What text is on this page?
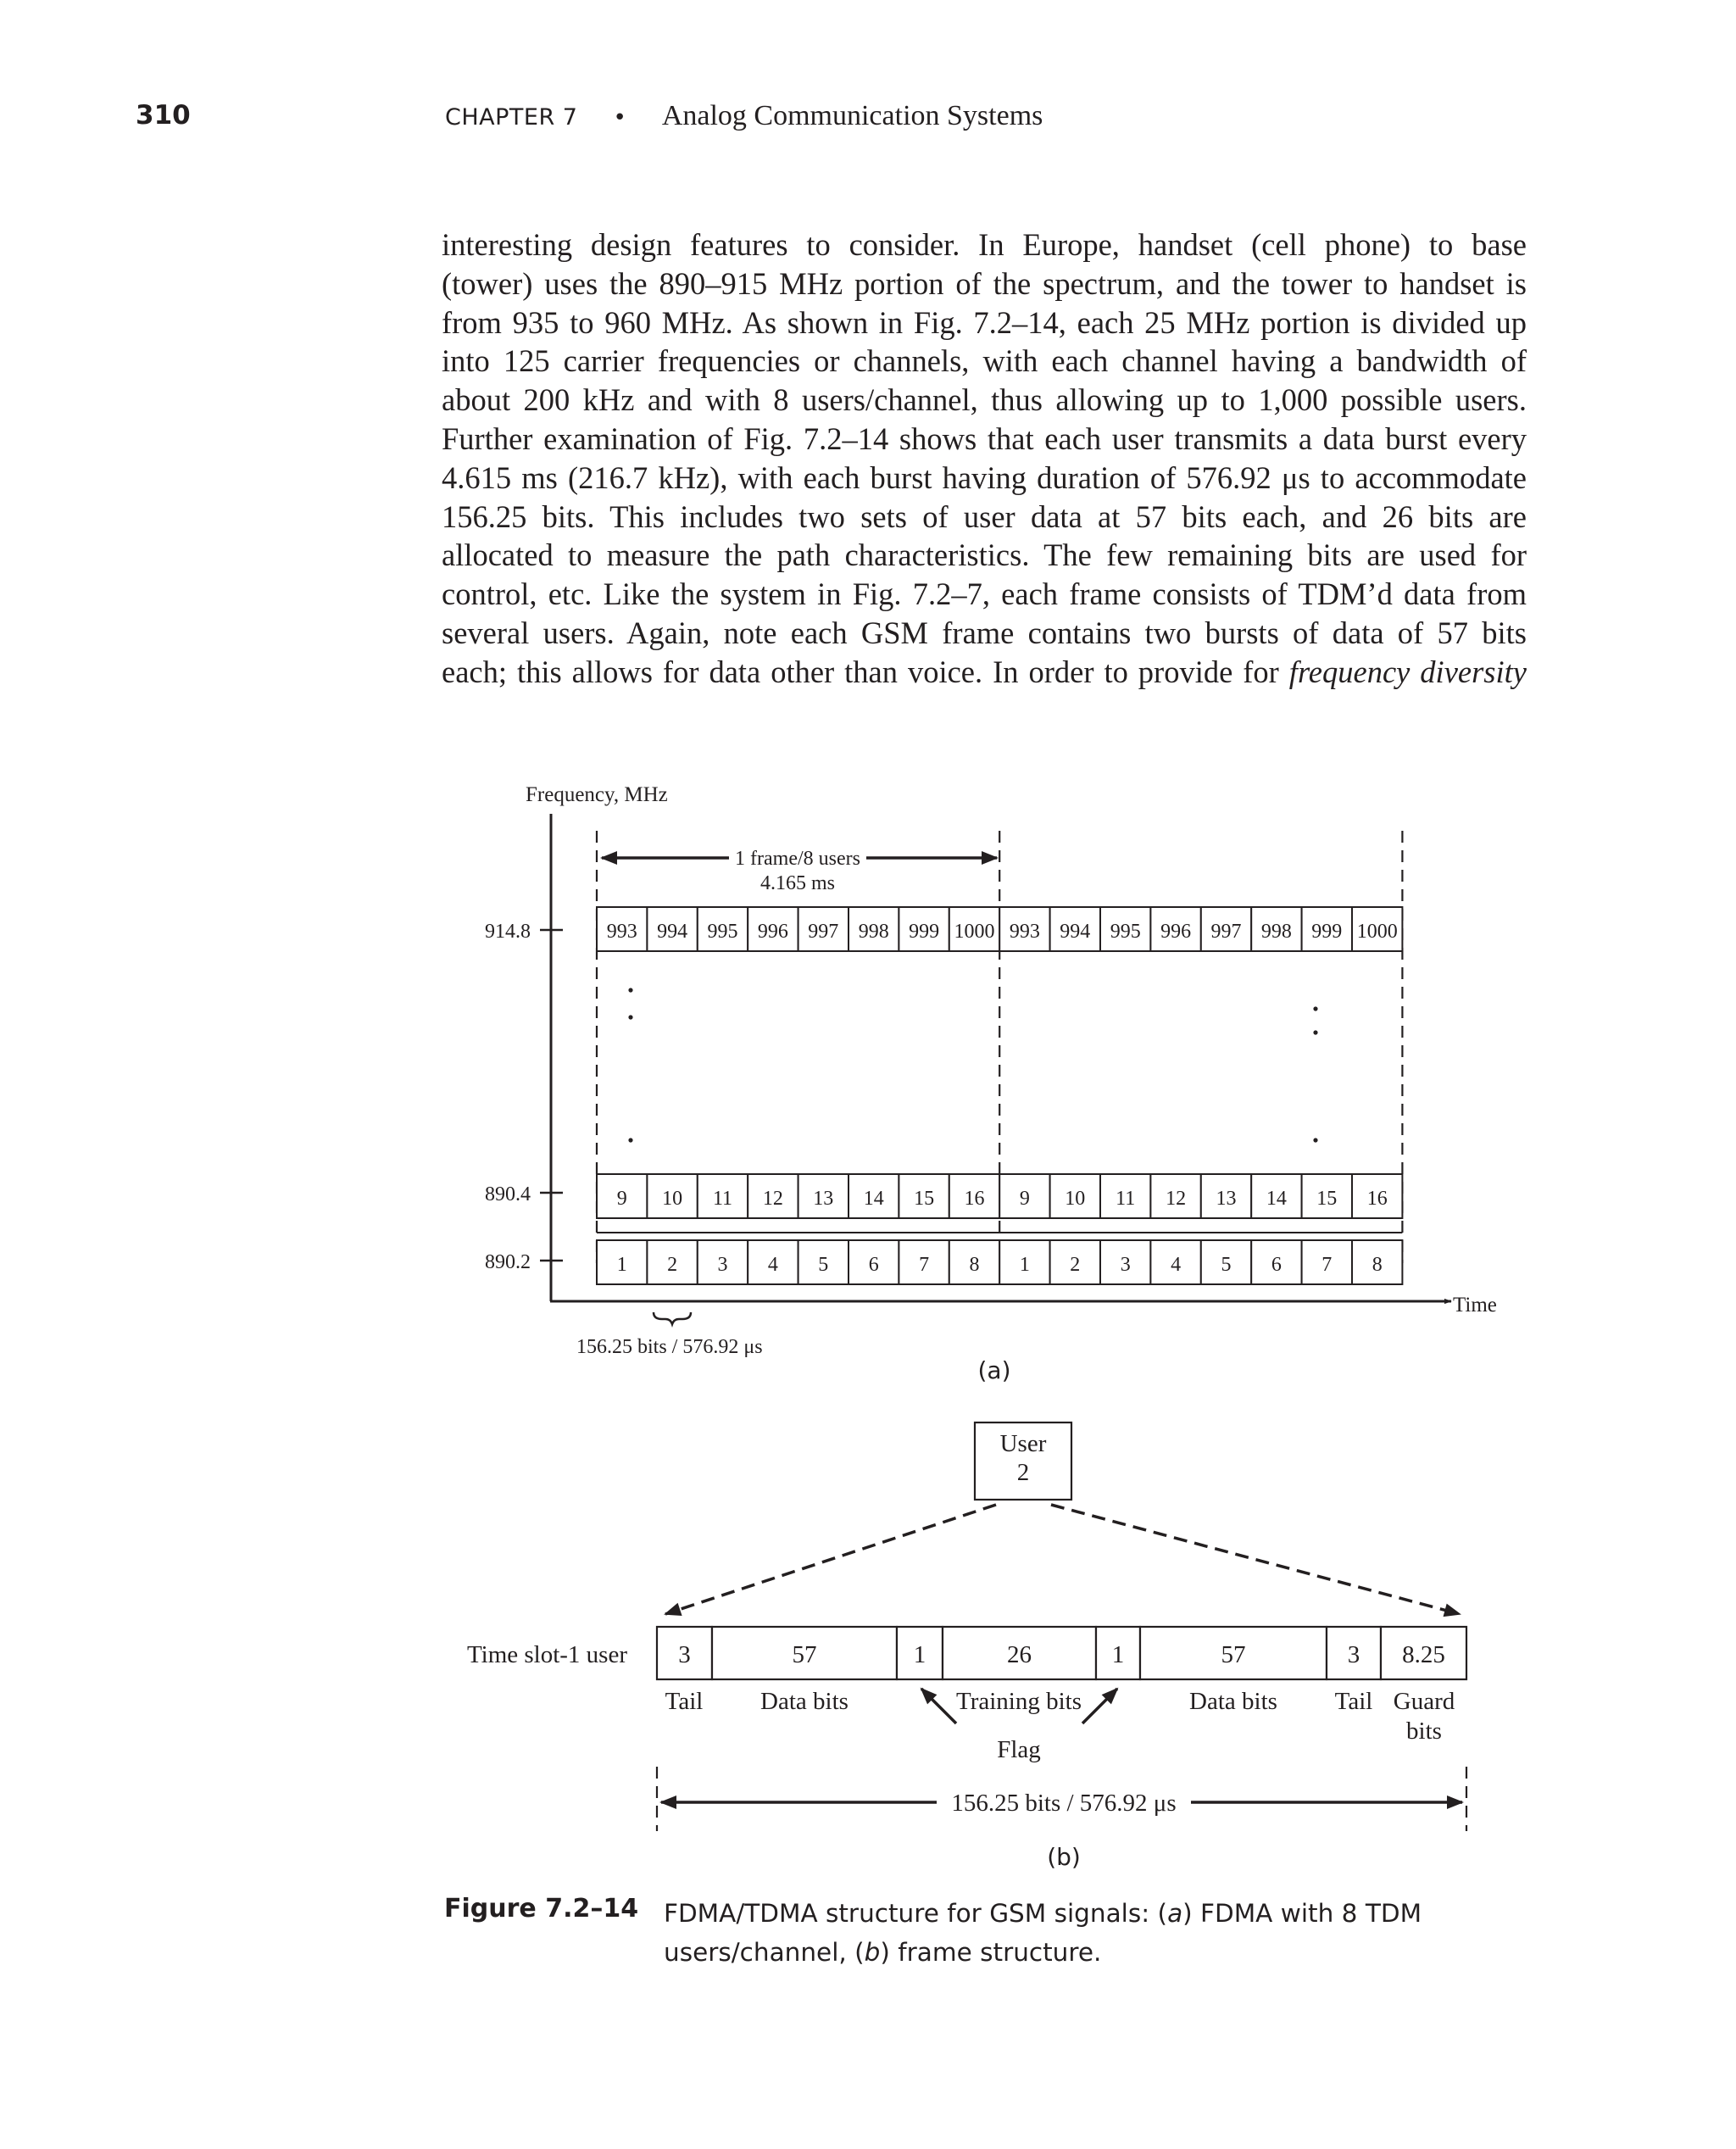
310	CHAPTER 7 • Analog Communication Systems
interesting design features to consider. In Europe, handset (cell phone) to base
(tower) uses the 890–915 MHz portion of the spectrum, and the tower to handset is
from 935 to 960 MHz. As shown in Fig. 7.2–14, each 25 MHz portion is divided up
into 125 carrier frequencies or channels, with each channel having a bandwidth of
about 200 kHz and with 8 users/channel, thus allowing up to 1,000 possible users.
Further examination of Fig. 7.2–14 shows that each user transmits a data burst every
4.615 ms (216.7 kHz), with each burst having duration of 576.92 μs to accommodate
156.25 bits. This includes two sets of user data at 57 bits each, and 26 bits are
allocated to measure the path characteristics. The few remaining bits are used for
control, etc. Like the system in Fig. 7.2–7, each frame consists of TDM’d data from
several users. Again, note each GSM frame contains two bursts of data of 57 bits
each; this allows for data other than voice. In order to provide for frequency diversity
Frequency, MHz
Time
914.8	993 994 995 996 997 998 999 1000 993 994 995 996 997 998 999 1000
890.4	9 10 11 12 13 14 15 16 9 10 11 12 13 14 15 16
890.2	1 2 3 4 5 6 7 8 1 2 3 4 5 6 7 8
1 frame/8 users
4.165 ms
156.25 bits / 576.92 μs
(a)
User
2
Time slot-1 user 3	57	1	26	1	57	3 8.25
Tail Data bits	Training bits	Data bits Tail Guard
bits
Flag
156.25 bits / 576.92 μs
(b)
Figure 7.2–14 FDMA/TDMA structure for GSM signals: (a) FDMA with 8 TDM users/channel, (b) frame structure.
